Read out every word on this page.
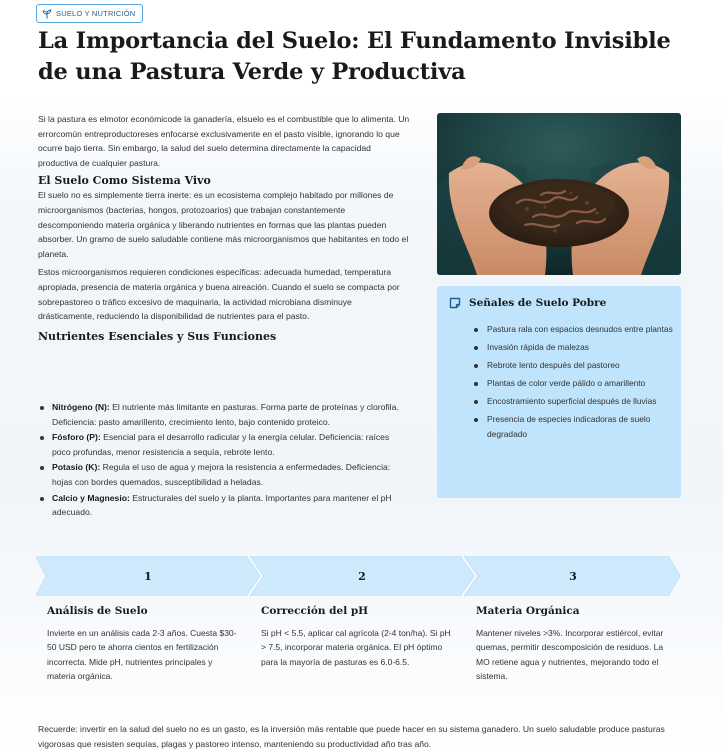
SUELO Y NUTRICIÓN
La Importancia del Suelo: El Fundamento Invisible de una Pastura Verde y Productiva

Si la pastura es elmotor económicode la ganadería, elsuelo es el combustible que lo alimenta. Un errorcomún entreproductoreses enfocarse exclusivamente en el pasto visible, ignorando lo que ocurre bajo tierra. Sin embargo, la salud del suelo determina directamente la capacidad productiva de cualquier pastura.

El Suelo Como Sistema Vivo

El suelo no es simplemente tierra inerte: es un ecosistema complejo habitado por millones de microorganismos (bacterias, hongos, protozoarios) que trabajan constantemente descomponiendo materia orgánica y liberando nutrientes en formas que las plantas pueden absorber. Un gramo de suelo saludable contiene más microorganismos que habitantes en todo el planeta.

Estos microorganismos requieren condiciones específicas: adecuada humedad, temperatura apropiada, presencia de materia orgánica y buena aireación. Cuando el suelo se compacta por sobrepastoreo o tráfico excesivo de maquinaria, la actividad microbiana disminuye drásticamente, reduciendo la disponibilidad de nutrientes para el pasto.

Nutrientes Esenciales y Sus Funciones
Nitrógeno (N): El nutriente más limitante en pasturas. Forma parte de proteínas y clorofila. Deficiencia: pasto amarillento, crecimiento lento, bajo contenido proteico.
Fósforo (P): Esencial para el desarrollo radicular y la energía celular. Deficiencia: raíces poco profundas, menor resistencia a sequía, rebrote lento.
Potasio (K): Regula el uso de agua y mejora la resistencia a enfermedades. Deficiencia: hojas con bordes quemados, susceptibilidad a heladas.
Calcio y Magnesio: Estructurales del suelo y la planta. Importantes para mantener el pH adecuado.
Señales de Suelo Pobre
Pastura rala con espacios desnudos entre plantas
Invasión rápida de malezas
Rebrote lento después del pastoreo
Plantas de color verde pálido o amarillento
Encostramiento superficial después de lluvias
Presencia de especies indicadoras de suelo degradado
1	2	3
Análisis de Suelo

Invierte en un análisis cada 2-3 años. Cuesta $30-50 USD pero te ahorra cientos en fertilización incorrecta. Mide pH, nutrientes principales y materia orgánica.

Corrección del pH

Si pH < 5.5, aplicar cal agrícola (2-4 ton/ha). Si pH > 7.5, incorporar materia orgánica. El pH óptimo para la mayoría de pasturas es 6.0-6.5.

Materia Orgánica

Mantener niveles >3%. Incorporar estiércol, evitar quemas, permitir descomposición de residuos. La MO retiene agua y nutrientes, mejorando todo el sistema.

Recuerde: invertir en la salud del suelo no es un gasto, es la inversión más rentable que puede hacer en su sistema ganadero. Un suelo saludable produce pasturas vigorosas que resisten sequías, plagas y pastoreo intenso, manteniendo su productividad año tras año.
